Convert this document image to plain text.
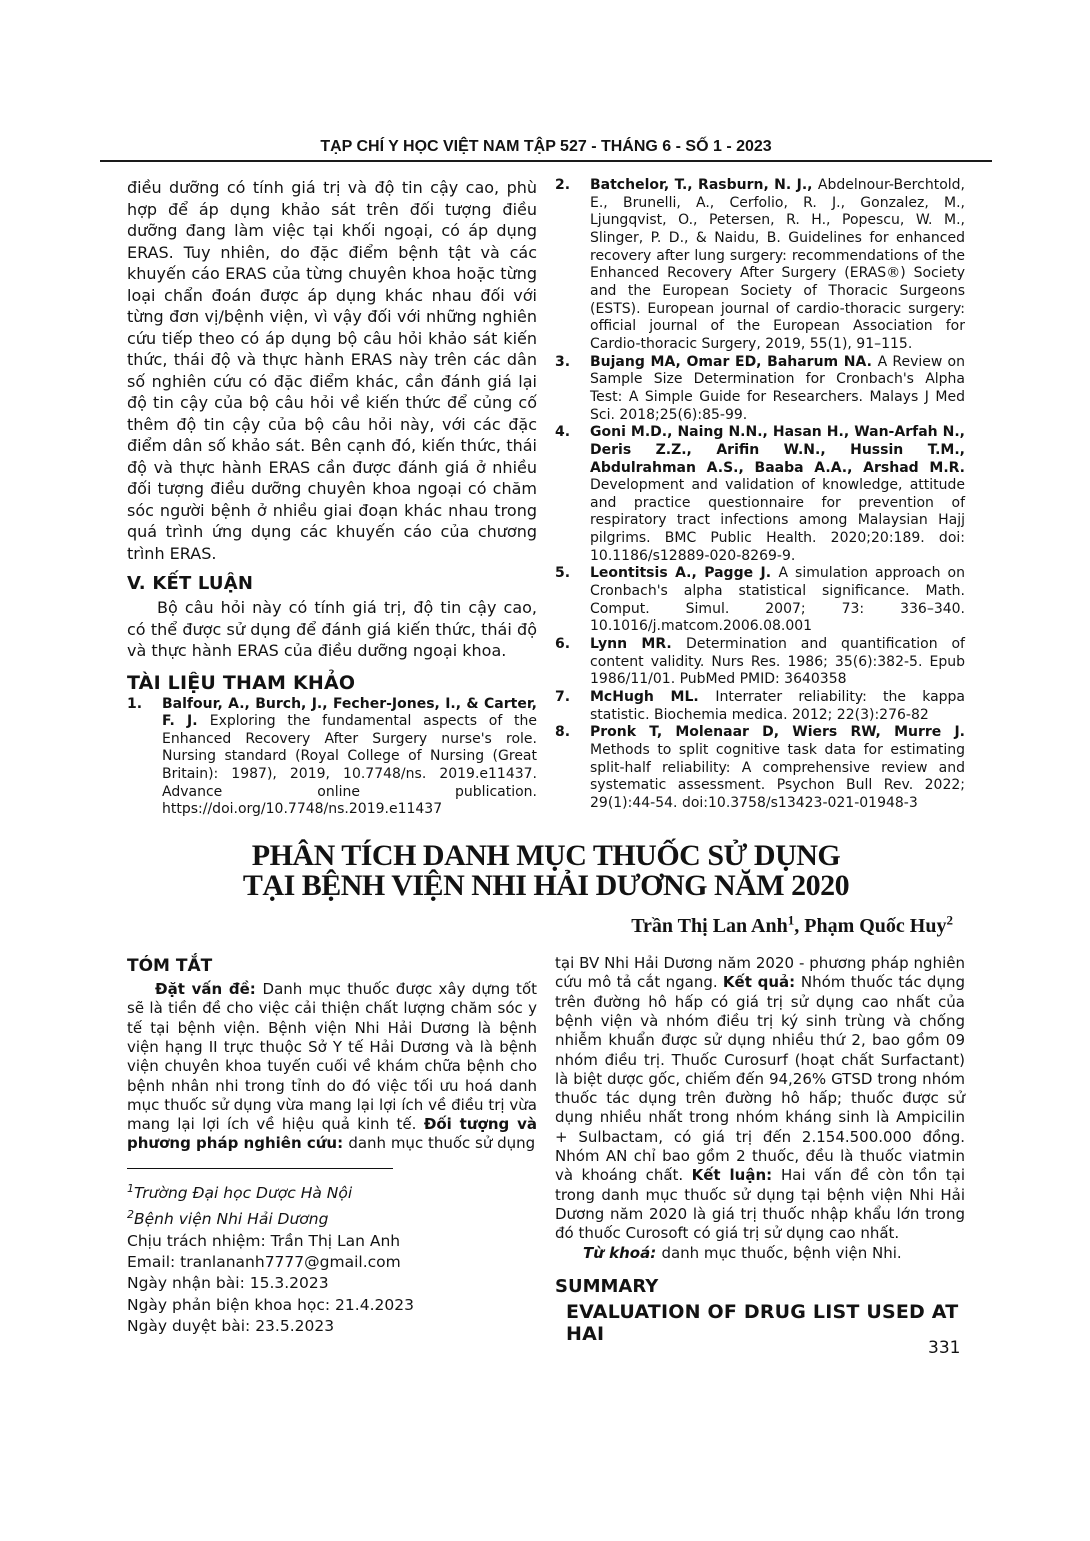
TẠP CHÍ Y HỌC VIỆT NAM TẬP 527 - THÁNG 6 - SỐ 1 - 2023

điều dưỡng có tính giá trị và độ tin cậy cao, phù hợp để áp dụng khảo sát trên đối tượng điều dưỡng đang làm việc tại khối ngoại, có áp dụng ERAS. Tuy nhiên, do đặc điểm bệnh tật và các khuyến cáo ERAS của từng chuyên khoa hoặc từng loại chẩn đoán được áp dụng khác nhau đối với từng đơn vị/bệnh viện, vì vậy đối với những nghiên cứu tiếp theo có áp dụng bộ câu hỏi khảo sát kiến thức, thái độ và thực hành ERAS này trên các dân số nghiên cứu có đặc điểm khác, cần đánh giá lại độ tin cậy của bộ câu hỏi về kiến thức để củng cố thêm độ tin cậy của bộ câu hỏi này, với các đặc điểm dân số khảo sát. Bên cạnh đó, kiến thức, thái độ và thực hành ERAS cần được đánh giá ở nhiều đối tượng điều dưỡng chuyên khoa ngoại có chăm sóc người bệnh ở nhiều giai đoạn khác nhau trong quá trình ứng dụng các khuyến cáo của chương trình ERAS.

V. KẾT LUẬN

Bộ câu hỏi này có tính giá trị, độ tin cậy cao, có thể được sử dụng để đánh giá kiến thức, thái độ và thực hành ERAS của điều dưỡng ngoại khoa.

TÀI LIỆU THAM KHẢO
1.	Balfour, A., Burch, J., Fecher-Jones, I., & Carter, F. J. Exploring the fundamental aspects of the Enhanced Recovery After Surgery nurse's role. Nursing standard (Royal College of Nursing (Great Britain): 1987), 2019, 10.7748/ns. 2019.e11437. Advance online publication. https://doi.org/10.7748/ns.2019.e11437
2.	Batchelor, T., Rasburn, N. J., Abdelnour-Berchtold, E., Brunelli, A., Cerfolio, R. J., Gonzalez, M., Ljungqvist, O., Petersen, R. H., Popescu, W. M., Slinger, P. D., & Naidu, B. Guidelines for enhanced recovery after lung surgery: recommendations of the Enhanced Recovery After Surgery (ERAS®) Society and the European Society of Thoracic Surgeons (ESTS). European journal of cardio-thoracic surgery: official journal of the European Association for Cardio-thoracic Surgery, 2019, 55(1), 91–115.
3.	Bujang MA, Omar ED, Baharum NA. A Review on Sample Size Determination for Cronbach's Alpha Test: A Simple Guide for Researchers. Malays J Med Sci. 2018;25(6):85-99.
4.	Goni M.D., Naing N.N., Hasan H., Wan-Arfah N., Deris Z.Z., Arifin W.N., Hussin T.M., Abdulrahman A.S., Baaba A.A., Arshad M.R. Development and validation of knowledge, attitude and practice questionnaire for prevention of respiratory tract infections among Malaysian Hajj pilgrims. BMC Public Health. 2020;20:189. doi: 10.1186/s12889-020-8269-9.
5.	Leontitsis A., Pagge J. A simulation approach on Cronbach's alpha statistical significance. Math. Comput. Simul. 2007; 73: 336–340. 10.1016/j.matcom.2006.08.001
6.	Lynn MR. Determination and quantification of content validity. Nurs Res. 1986; 35(6):382-5. Epub 1986/11/01. PubMed PMID: 3640358
7.	McHugh ML. Interrater reliability: the kappa statistic. Biochemia medica. 2012; 22(3):276-82
8.	Pronk T, Molenaar D, Wiers RW, Murre J. Methods to split cognitive task data for estimating split-half reliability: A comprehensive review and systematic assessment. Psychon Bull Rev. 2022; 29(1):44-54. doi:10.3758/s13423-021-01948-3
PHÂN TÍCH DANH MỤC THUỐC SỬ DỤNG
TẠI BỆNH VIỆN NHI HẢI DƯƠNG NĂM 2020
Trần Thị Lan Anh$^1$, Phạm Quốc Huy$^2$
TÓM TẮT

Đặt vấn đề: Danh mục thuốc được xây dựng tốt sẽ là tiền đề cho việc cải thiện chất lượng chăm sóc y tế tại bệnh viện. Bệnh viện Nhi Hải Dương là bệnh viện hạng II trực thuộc Sở Y tế Hải Dương và là bệnh viện chuyên khoa tuyến cuối về khám chữa bệnh cho bệnh nhân nhi trong tỉnh do đó việc tối ưu hoá danh mục thuốc sử dụng vừa mang lại lợi ích về điều trị vừa mang lại lợi ích về hiệu quả kinh tế. Đối tượng và phương pháp nghiên cứu: danh mục thuốc sử dụng

$^1$Trường Đại học Dược Hà Nội
$^2$Bệnh viện Nhi Hải Dương
Chịu trách nhiệm: Trần Thị Lan Anh
Email: tranlananh7777@gmail.com
Ngày nhận bài: 15.3.2023
Ngày phản biện khoa học: 21.4.2023
Ngày duyệt bài: 23.5.2023

tại BV Nhi Hải Dương năm 2020 - phương pháp nghiên cứu mô tả cắt ngang. Kết quả: Nhóm thuốc tác dụng trên đường hô hấp có giá trị sử dụng cao nhất của bệnh viện và nhóm điều trị ký sinh trùng và chống nhiễm khuẩn được sử dụng nhiều thứ 2, bao gồm 09 nhóm điều trị. Thuốc Curosurf (hoạt chất Surfactant) là biệt dược gốc, chiếm đến 94,26% GTSD trong nhóm thuốc tác dụng trên đường hô hấp; thuốc được sử dụng nhiều nhất trong nhóm kháng sinh là Ampicilin + Sulbactam, có giá trị đến 2.154.500.000 đồng. Nhóm AN chỉ bao gồm 2 thuốc, đều là thuốc viatmin và khoáng chất. Kết luận: Hai vấn đề còn tồn tại trong danh mục thuốc sử dụng tại bệnh viện Nhi Hải Dương năm 2020 là giá trị thuốc nhập khẩu lớn trong đó thuốc Curosoft có giá trị sử dụng cao nhất.

Từ khoá: danh mục thuốc, bệnh viện Nhi.

SUMMARY
EVALUATION OF DRUG LIST USED AT HAI
331
